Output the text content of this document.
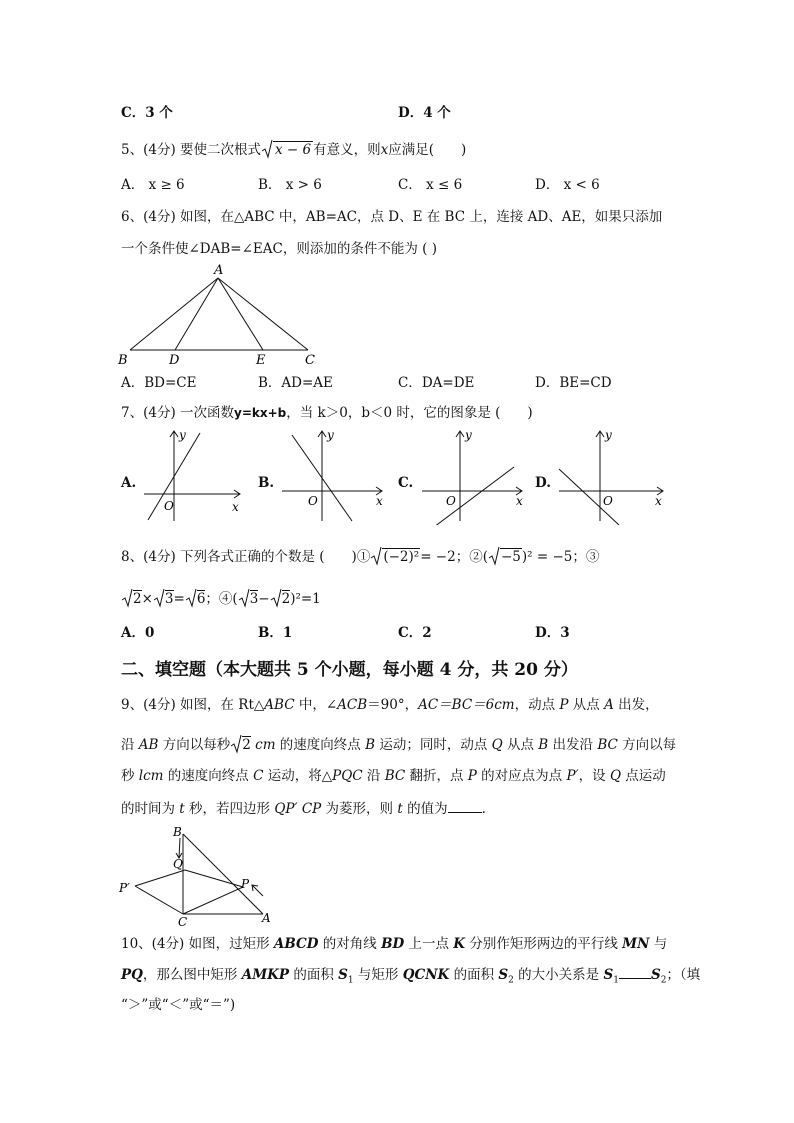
C．3 个	D．4 个
5、(4分) 要使二次根式 x − 6 有意义，则x应满足(　　)
A． x ≥ 6	B． x > 6	C． x ≤ 6	D． x < 6
6、(4分) 如图，在△ABC 中，AB=AC，点 D、E 在 BC 上，连接 AD、AE，如果只添加
一个条件使∠DAB=∠EAC，则添加的条件不能为 ( )
A
B	D	E	C
A．BD=CE	B．AD=AE	C．DA=DE	D．BE=CD
7、(4分) 一次函数y=kx+b，当 k＞0，b＜0 时，它的图象是 (　　)
A.	B.	C.	D.
y
x
O
y
x
O
y
x
O
y
x
O
8、(4分) 下列各式正确的个数是 (　　)① (−2)²= −2；②( −5)² = −5；③
2× 3= 6；④( 3− 2)²=1
A．0	B．1	C．2	D．3
二、填空题（本大题共 5 个小题，每小题 4 分，共 20 分）
9、(4分) 如图，在 Rt△ABC 中，∠ACB＝90°，AC＝BC＝6cm，动点 P 从点 A 出发，
沿 AB 方向以每秒 2 cm 的速度向终点 B 运动；同时，动点 Q 从点 B 出发沿 BC 方向以每
秒 lcm 的速度向终点 C 运动，将△PQC 沿 BC 翻折，点 P 的对应点为点 P′，设 Q 点运动
的时间为 t 秒，若四边形 QP′ CP 为菱形，则 t 的值为	.
B
Q
P
P′
C	A
10、(4分) 如图，过矩形 ABCD 的对角线 BD 上一点 K 分别作矩形两边的平行线 MN 与
PQ，那么图中矩形 AMKP 的面积 $S_1$ 与矩形 QCNK 的面积 $S_2$ 的大小关系是 $S_1$ $S_2$；（填
“＞”或“＜”或“＝”)
